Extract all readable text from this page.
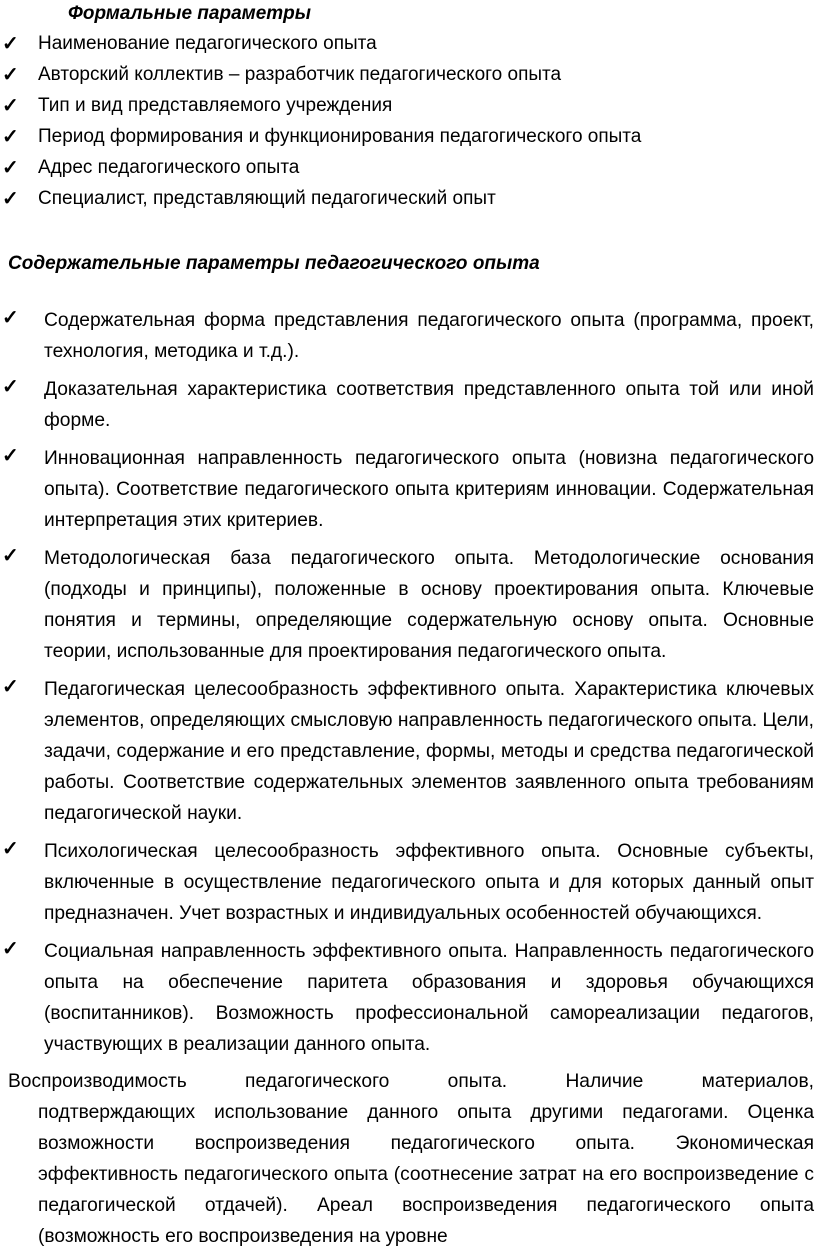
Формальные параметры
✓ Наименование педагогического опыта
✓ Авторский коллектив – разработчик педагогического опыта
✓ Тип и вид представляемого учреждения
✓ Период формирования и функционирования педагогического опыта
✓ Адрес педагогического опыта
✓ Специалист, представляющий педагогический опыт
Содержательные параметры педагогического опыта
✓ Содержательная форма представления педагогического опыта (программа, проект, технология, методика и т.д.).
✓ Доказательная характеристика соответствия представленного опыта той или иной форме.
✓ Инновационная направленность педагогического опыта (новизна педагогического опыта). Соответствие педагогического опыта критериям инновации. Содержательная интерпретация этих критериев.
✓ Методологическая база педагогического опыта. Методологические основания (подходы и принципы), положенные в основу проектирования опыта. Ключевые понятия и термины, определяющие содержательную основу опыта. Основные теории, использованные для проектирования педагогического опыта.
✓ Педагогическая целесообразность эффективного опыта. Характеристика ключевых элементов, определяющих смысловую направленность педагогического опыта. Цели, задачи, содержание и его представление, формы, методы и средства педагогической работы. Соответствие содержательных элементов заявленного опыта требованиям педагогической науки.
✓ Психологическая целесообразность эффективного опыта. Основные субъекты, включенные в осуществление педагогического опыта и для которых данный опыт предназначен. Учет возрастных и индивидуальных особенностей обучающихся.
✓ Социальная направленность эффективного опыта. Направленность педагогического опыта на обеспечение паритета образования и здоровья обучающихся (воспитанников). Возможность профессиональной самореализации педагогов, участвующих в реализации данного опыта.
Воспроизводимость педагогического опыта. Наличие материалов,
подтверждающих использование данного опыта другими педагогами. Оценка возможности воспроизведения педагогического опыта. Экономическая эффективность педагогического опыта (соотнесение затрат на его воспроизведение с педагогической отдачей). Ареал воспроизведения педагогического опыта (возможность его воспроизведения на уровне
